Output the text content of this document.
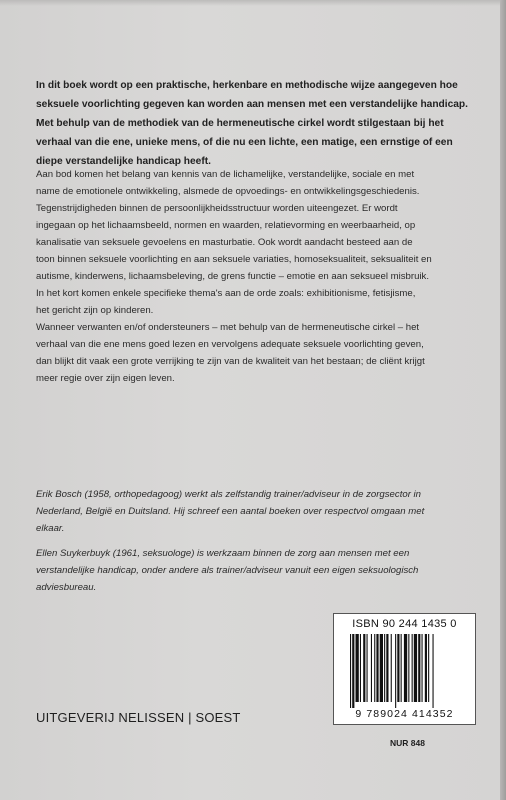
In dit boek wordt op een praktische, herkenbare en methodische wijze aangegeven hoe

seksuele voorlichting gegeven kan worden aan mensen met een verstandelijke handicap.

Met behulp van de methodiek van de hermeneutische cirkel wordt stilgestaan bij het

verhaal van die ene, unieke mens, of die nu een lichte, een matige, een ernstige of een

diepe verstandelijke handicap heeft.

Aan bod komen het belang van kennis van de lichamelijke, verstandelijke, sociale en met

name de emotionele ontwikkeling, alsmede de opvoedings- en ontwikkelingsgeschiedenis.

Tegenstrijdigheden binnen de persoonlijkheidsstructuur worden uiteengezet. Er wordt

ingegaan op het lichaamsbeeld, normen en waarden, relatievorming en weerbaarheid, op

kanalisatie van seksuele gevoelens en masturbatie. Ook wordt aandacht besteed aan de

toon binnen seksuele voorlichting en aan seksuele variaties, homoseksualiteit, seksualiteit en

autisme, kinderwens, lichaamsbeleving, de grens functie – emotie en aan seksueel misbruik.

In het kort komen enkele specifieke thema's aan de orde zoals: exhibitionisme, fetisjisme,

het gericht zijn op kinderen.

Wanneer verwanten en/of ondersteuners – met behulp van de hermeneutische cirkel – het

verhaal van die ene mens goed lezen en vervolgens adequate seksuele voorlichting geven,

dan blijkt dit vaak een grote verrijking te zijn van de kwaliteit van het bestaan; de cliënt krijgt

meer regie over zijn eigen leven.

Erik Bosch (1958, orthopedagoog) werkt als zelfstandig trainer/adviseur in de zorgsector in

Nederland, België en Duitsland. Hij schreef een aantal boeken over respectvol omgaan met

elkaar.

Ellen Suykerbuyk (1961, seksuologe) is werkzaam binnen de zorg aan mensen met een

verstandelijke handicap, onder andere als trainer/adviseur vanuit een eigen seksuologisch

adviesbureau.

ISBN 90 244 1435 0
9 789024 414352
UITGEVERIJ NELISSEN | SOEST
NUR 848
